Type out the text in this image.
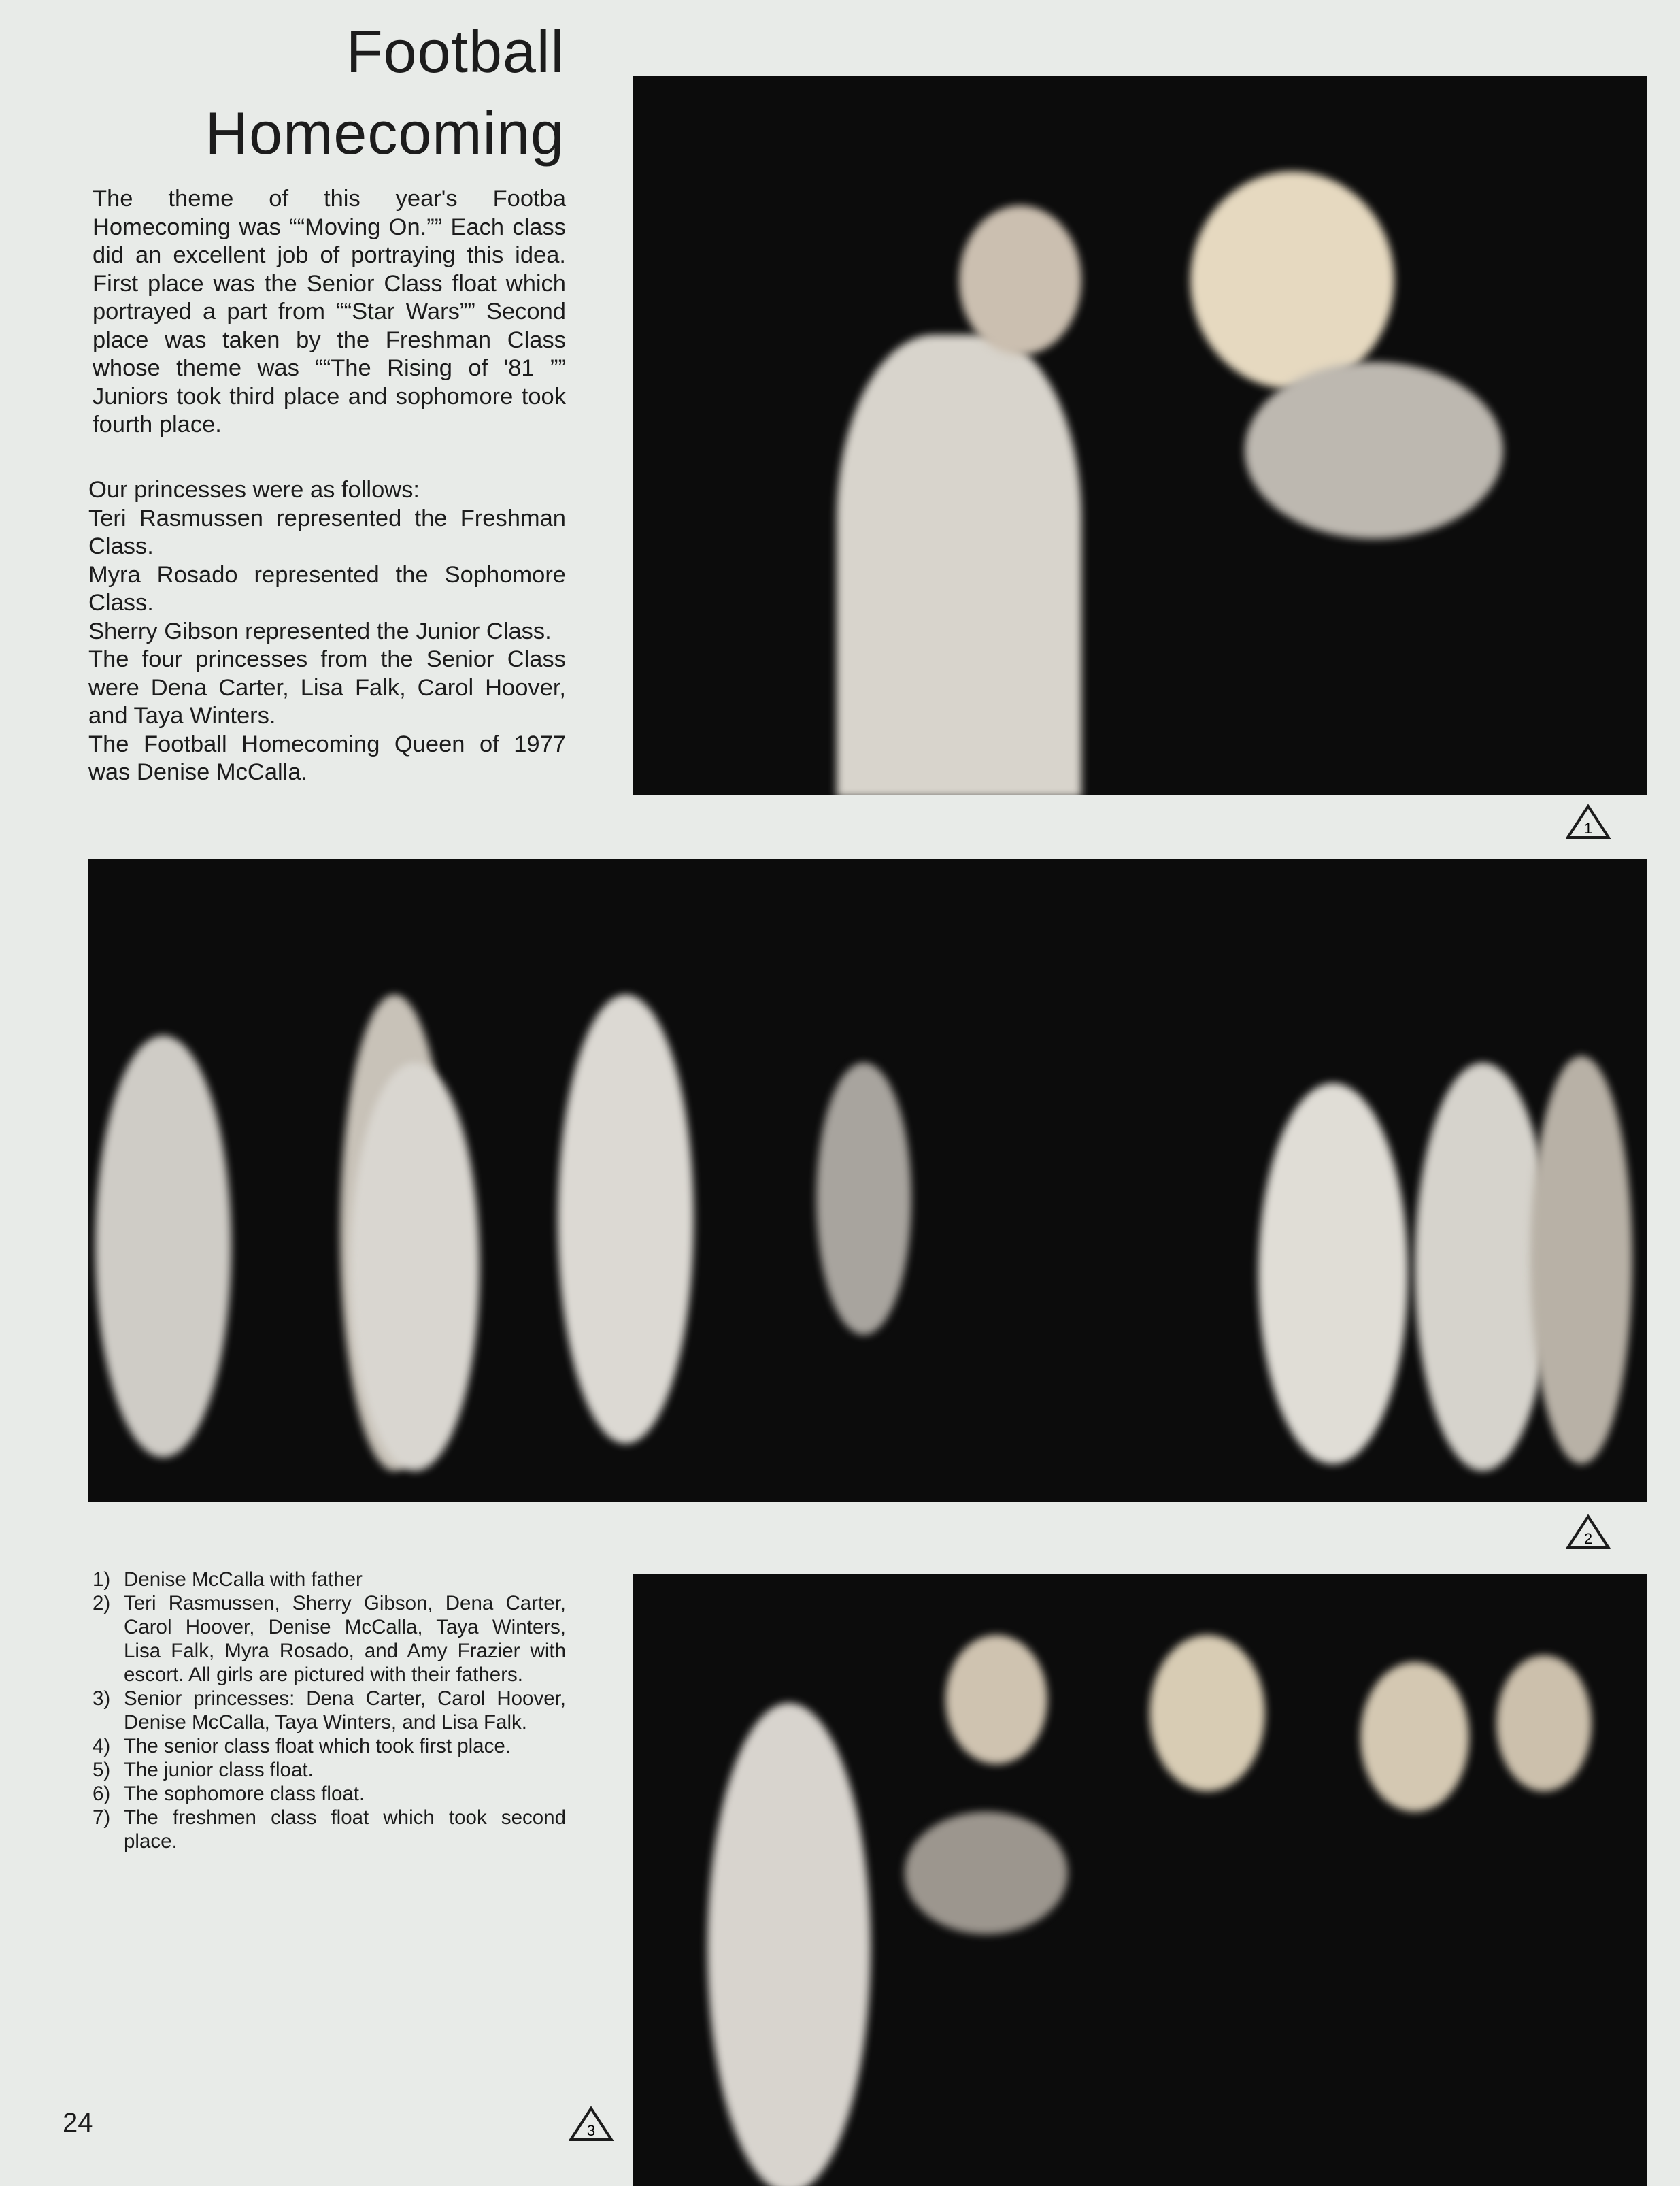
Football
Homecoming
The theme of this year's Footba Homecoming was ““Moving On.”” Each class did an excellent job of portraying this idea. First place was the Senior Class float which portrayed a part from ““Star Wars”” Second place was taken by the Freshman Class whose theme was ““The Rising of '81 ”” Juniors took third place and sophomore took fourth place.
Our princesses were as follows:
Teri Rasmussen represented the Freshman Class.
Myra Rosado represented the Sophomore Class.
Sherry Gibson represented the Junior Class.
The four princesses from the Senior Class were Dena Carter, Lisa Falk, Carol Hoover, and Taya Winters.
The Football Homecoming Queen of 1977 was Denise McCalla.
1
2
1) Denise McCalla with father
2) Teri Rasmussen, Sherry Gibson, Dena Carter, Carol Hoover, Denise McCalla, Taya Winters, Lisa Falk, Myra Rosado, and Amy Frazier with escort. All girls are pictured with their fathers.
3) Senior princesses: Dena Carter, Carol Hoover, Denise McCalla, Taya Winters, and Lisa Falk.
4) The senior class float which took first place.
5) The junior class float.
6) The sophomore class float.
7) The freshmen class float which took second place.
3
24
